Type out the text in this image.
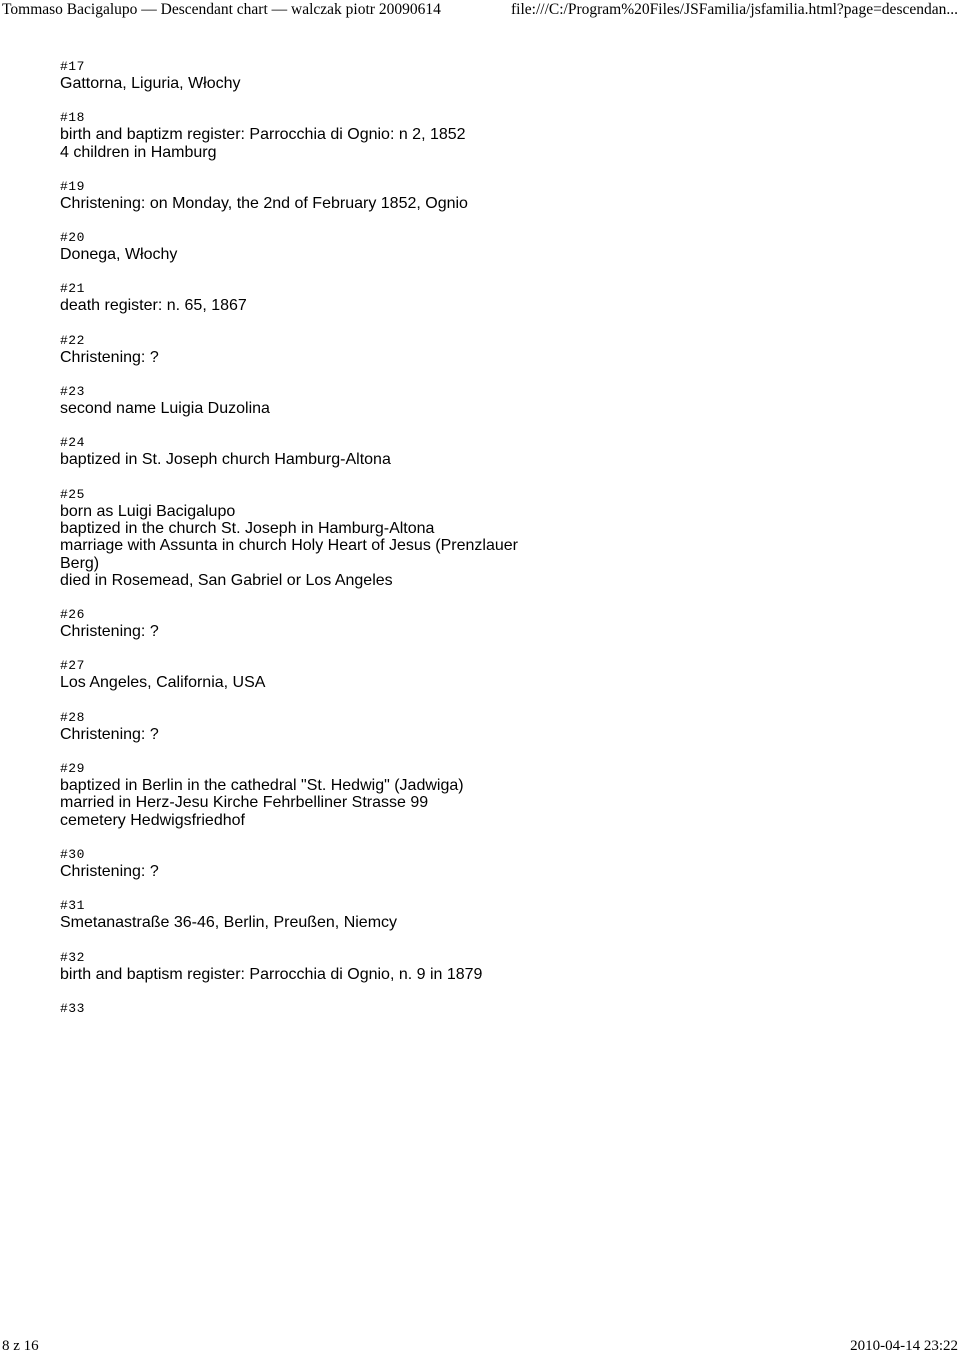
Tommaso Bacigalupo — Descendant chart — walczak piotr 20090614	file:///C:/Program%20Files/JSFamilia/jsfamilia.html?page=descendan...
#17
Gattorna, Liguria, Włochy
#18
birth and baptizm register: Parrocchia di Ognio: n 2, 1852
4 children in Hamburg
#19
Christening: on Monday, the 2nd of February 1852, Ognio
#20
Donega, Włochy
#21
death register: n. 65, 1867
#22
Christening: ?
#23
second name Luigia Duzolina
#24
baptized in St. Joseph church Hamburg-Altona
#25
born as Luigi Bacigalupo
baptized in the church St. Joseph in Hamburg-Altona
marriage with Assunta in church Holy Heart of Jesus (Prenzlauer
Berg)
died in Rosemead, San Gabriel or Los Angeles
#26
Christening: ?
#27
Los Angeles, California, USA
#28
Christening: ?
#29
baptized in Berlin in the cathedral "St. Hedwig" (Jadwiga)
married in Herz-Jesu Kirche Fehrbelliner Strasse 99
cemetery Hedwigsfriedhof
#30
Christening: ?
#31
Smetanastraße 36-46, Berlin, Preußen, Niemcy
#32
birth and baptism register: Parrocchia di Ognio, n. 9 in 1879
#33
8 z 16	2010-04-14 23:22
